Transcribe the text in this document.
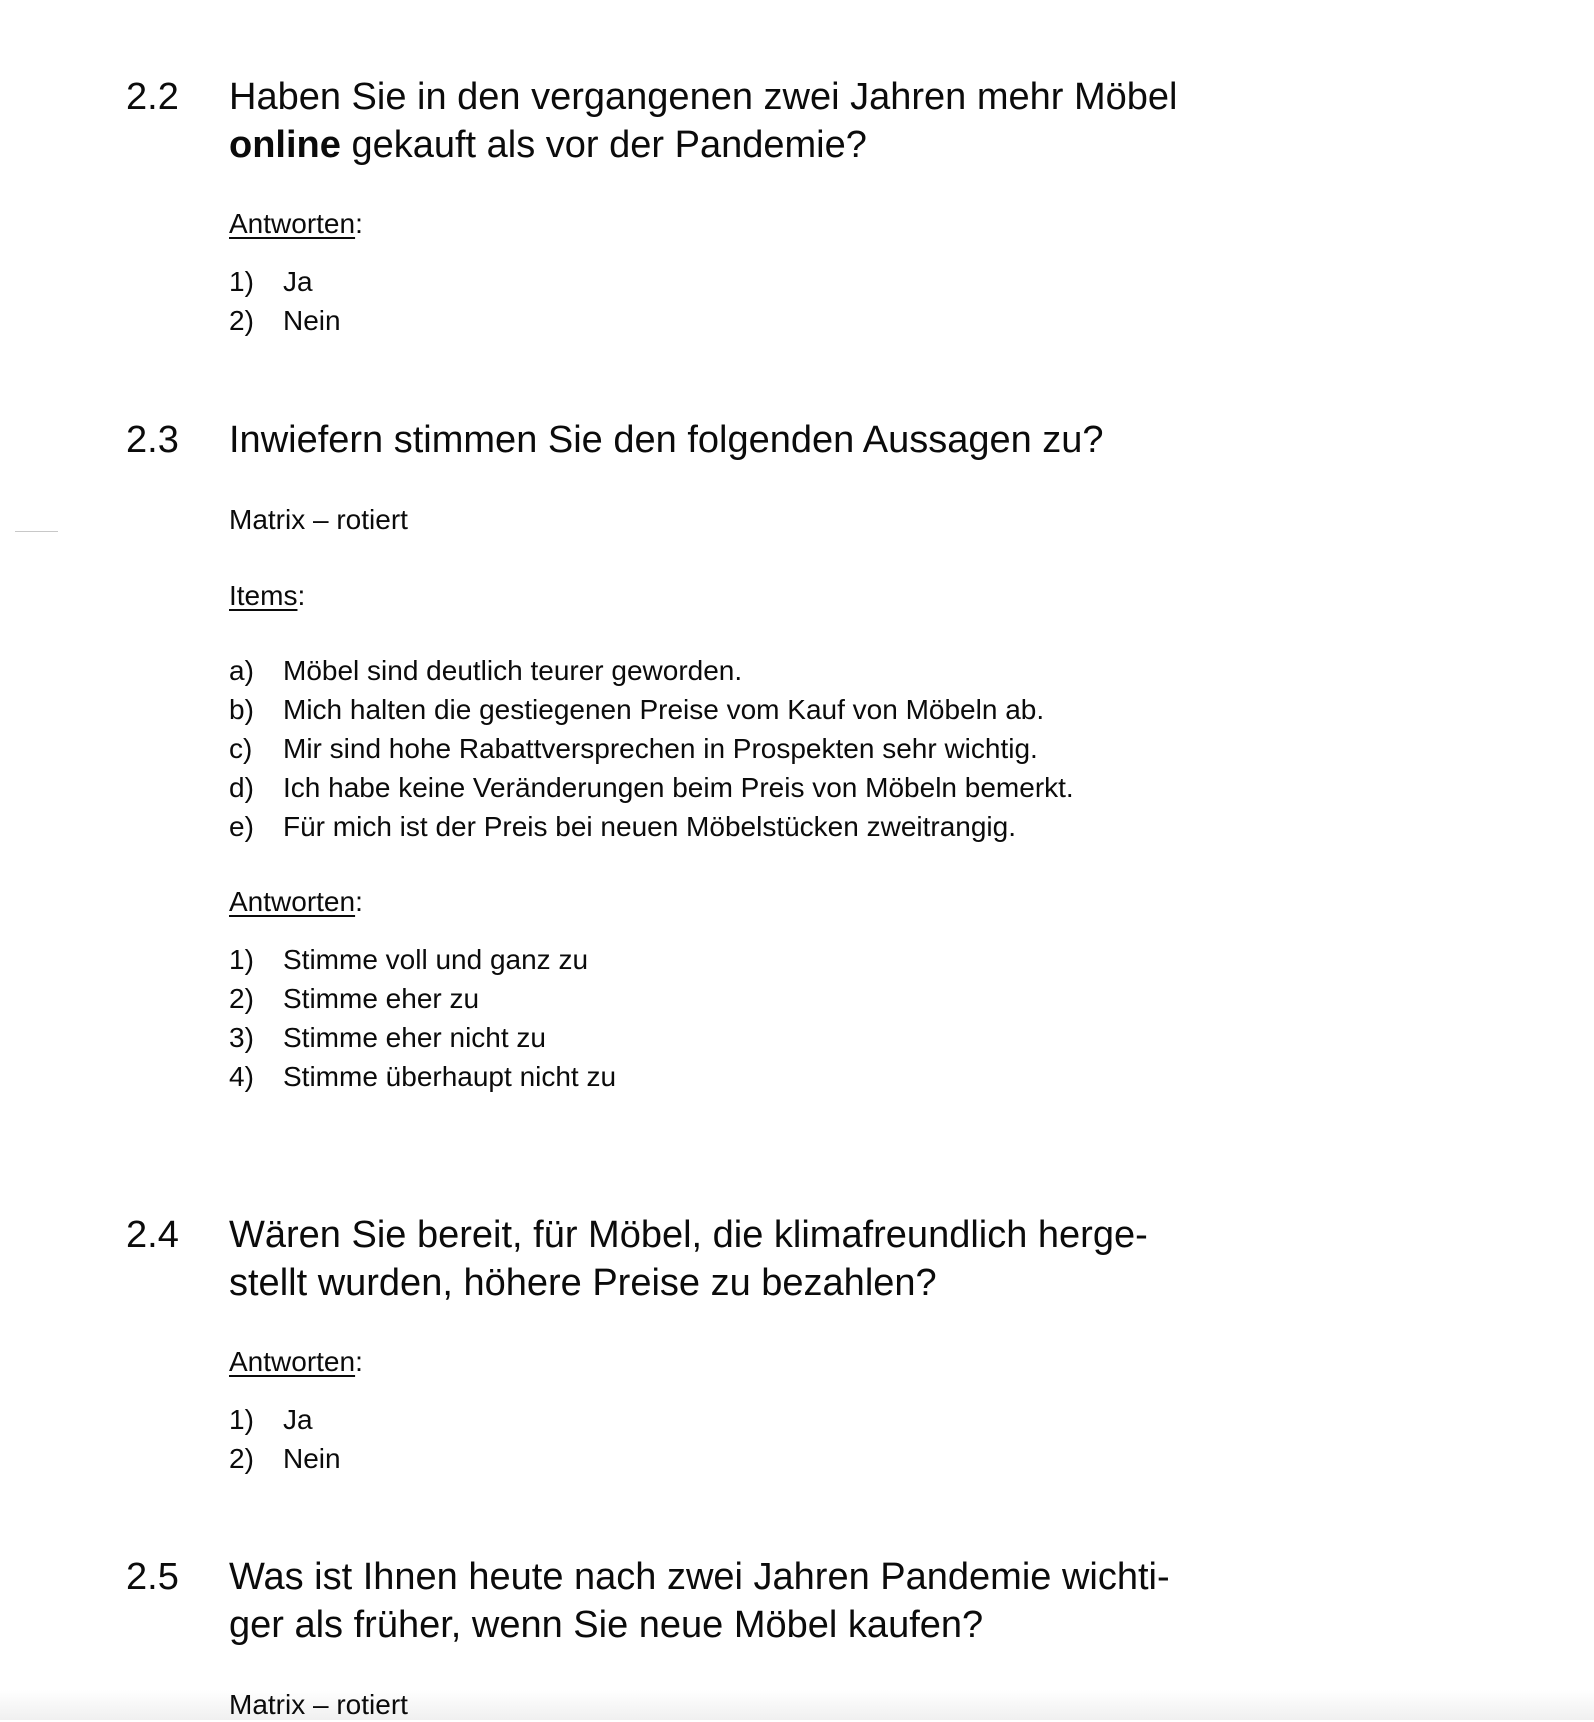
2.2 Haben Sie in den vergangenen zwei Jahren mehr Möbel
online gekauft als vor der Pandemie?
Antworten:
1) Ja
2) Nein
2.3 Inwiefern stimmen Sie den folgenden Aussagen zu?
Matrix – rotiert
Items:
a) Möbel sind deutlich teurer geworden.
b) Mich halten die gestiegenen Preise vom Kauf von Möbeln ab.
c) Mir sind hohe Rabattversprechen in Prospekten sehr wichtig.
d) Ich habe keine Veränderungen beim Preis von Möbeln bemerkt.
e) Für mich ist der Preis bei neuen Möbelstücken zweitrangig.
Antworten:
1) Stimme voll und ganz zu
2) Stimme eher zu
3) Stimme eher nicht zu
4) Stimme überhaupt nicht zu
2.4 Wären Sie bereit, für Möbel, die klimafreundlich herge-
stellt wurden, höhere Preise zu bezahlen?
Antworten:
1) Ja
2) Nein
2.5 Was ist Ihnen heute nach zwei Jahren Pandemie wichti-
ger als früher, wenn Sie neue Möbel kaufen?
Matrix – rotiert
